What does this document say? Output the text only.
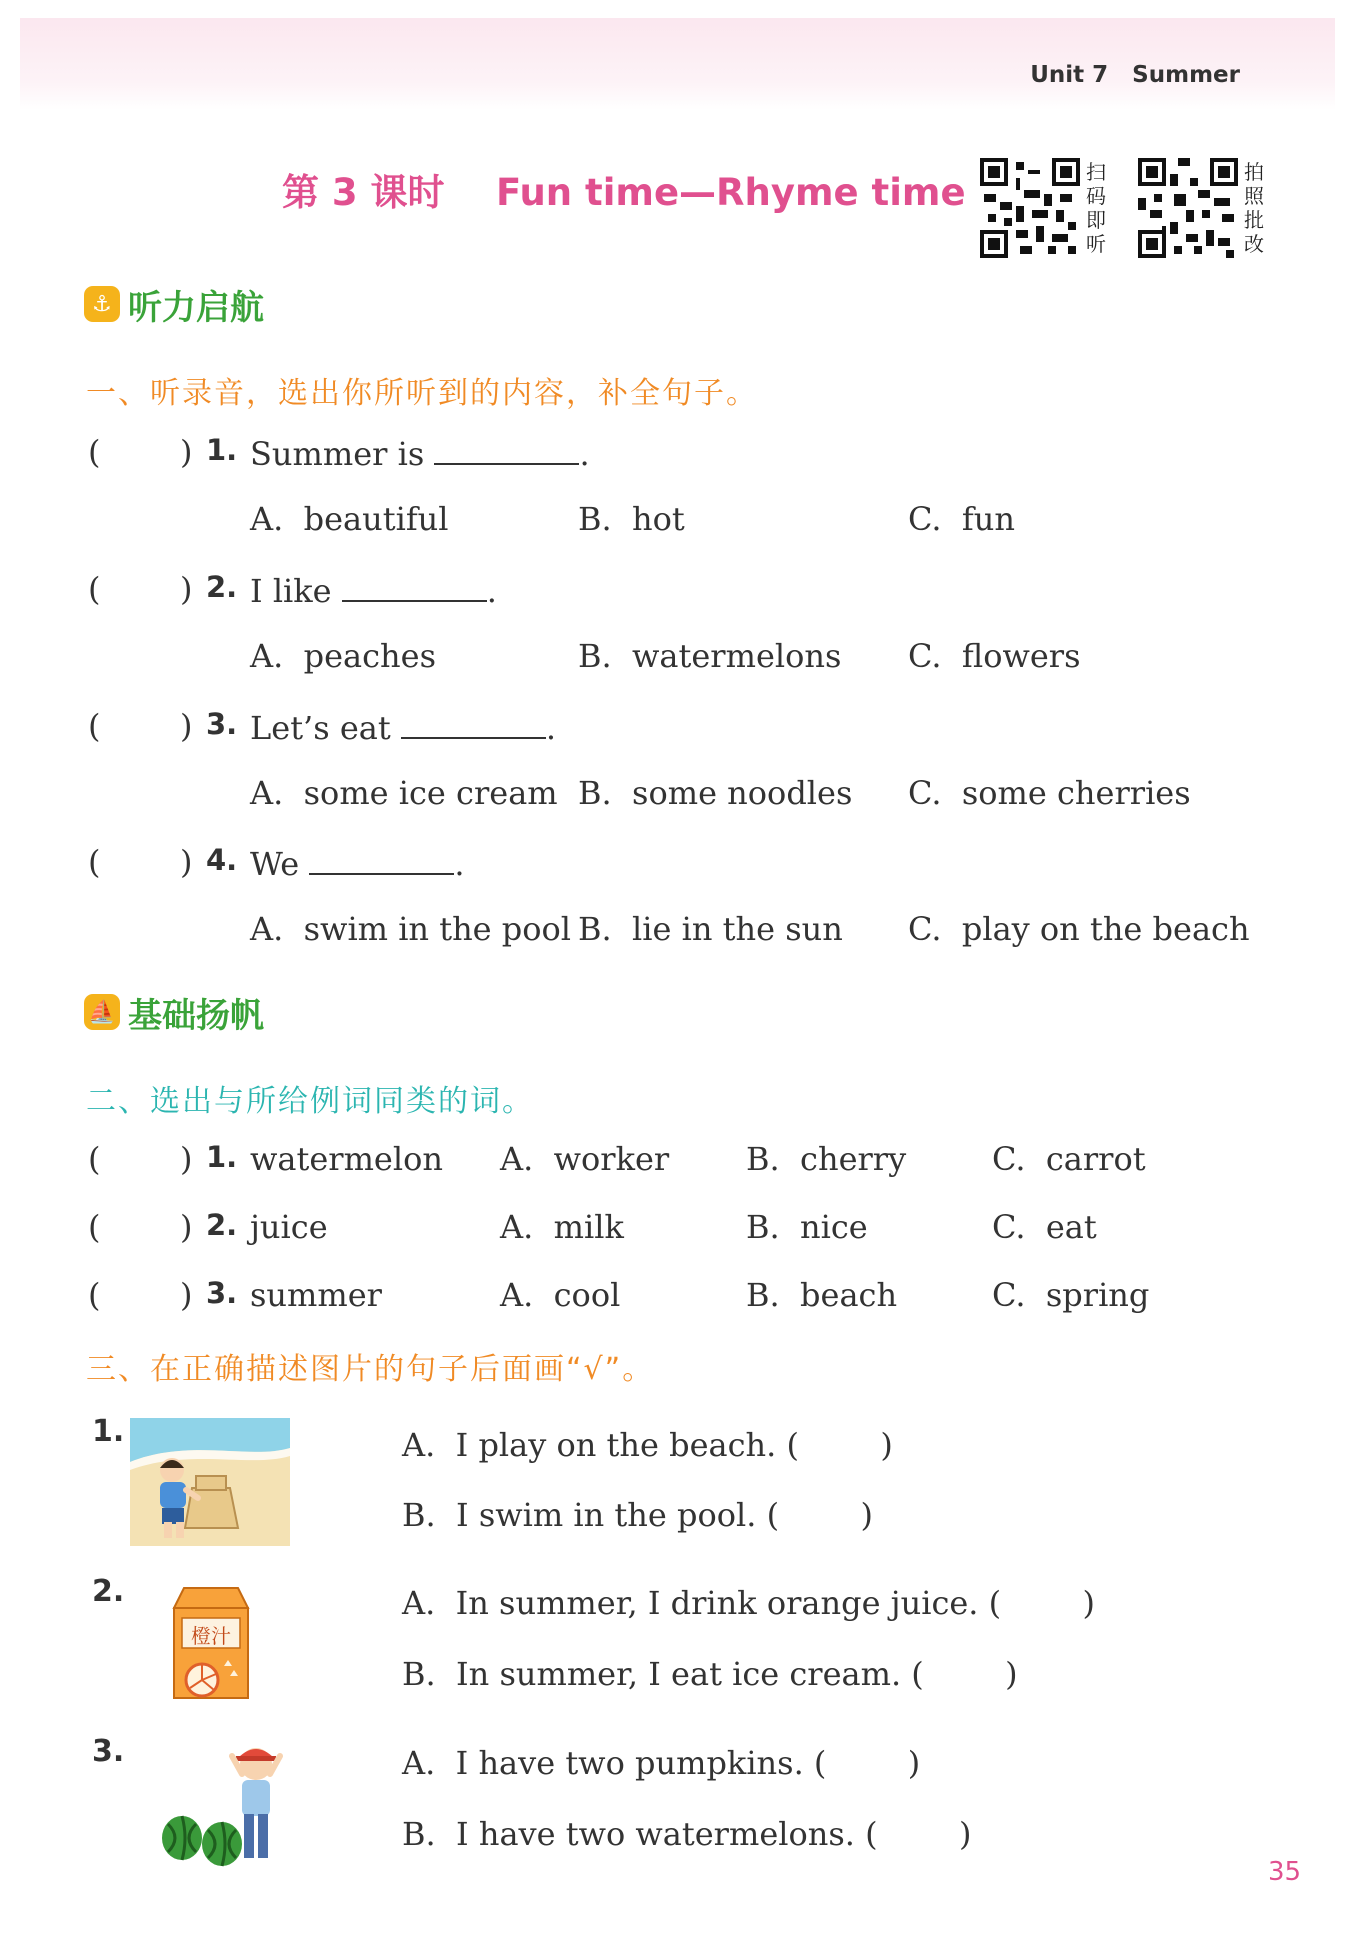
Unit 7   Summer
第 3 课时    Fun time—Rhyme time	扫
码
即
听
拍
照
批
改
⚓ 听力启航
一、听录音，选出你所听到的内容，补全句子。
( ) 1. Summer is	.
A.  beautiful	B.  hot	C.  fun
( ) 2. I like	.
A.  peaches	B.  watermelons C.  flowers
( ) 3. Let’s eat	.
A.  some ice cream B.  some noodles C.  some cherries
( ) 4. We	.
A.  swim in the pool B.  lie in the sun C.  play on the beach
⛵ 基础扬帆
二、选出与所给例词同类的词。
( ) 1. watermelon A.  worker B.  cherry	C.  carrot
( ) 2. juice	A.  milk	B.  nice	C.  eat
( ) 3. summer	A.  cool	B.  beach	C.  spring
三、在正确描述图片的句子后面画“√”。
1.	A.  I play on the beach. (        )
B.  I swim in the pool. (        )
2.
橙汁
A.  In summer, I drink orange juice. (        )
B.  In summer, I eat ice cream. (        )
3.	A.  I have two pumpkins. (        )
B.  I have two watermelons. (        )
35
